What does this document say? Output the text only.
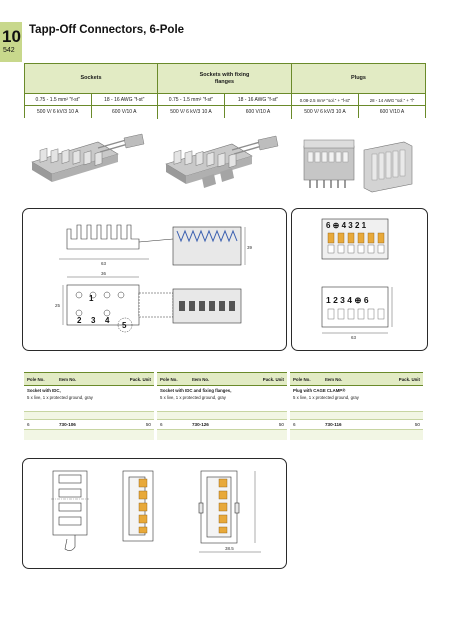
10
542
Tapp-Off Connectors, 6-Pole
Sockets
0.75 - 1.5 mm² "f-st"	18 - 16 AWG "f-st"
500 V/ 6 kV/3 10 A	600 V/10 A
Sockets with fixing flanges
0.75 - 1.5 mm² "f-st"	18 - 16 AWG "f-st"
500 V/ 6 kV/3 10 A	600 V/10 A
Plugs
0.08-2.5 mm² "sol." + "f-st"	28 - 14 AWG "sol." + "f"
500 V/ 6 kV/3 10 A	600 V/10 A
63
39
36
2 3 4
1
5
25
6 ⊕ 4 3 2 1
1 2 3 4 ⊕ 6
63
Pole No.	Item No.	Pack. Unit
Socket with IDC,
5 x live, 1 x protected ground, gray
6	730-106	50
Pole No.	Item No.	Pack. Unit
Socket with IDC and fixing flanges,
5 x live, 1 x protected ground, gray
6	730-126	50
Pole No.	Item No.	Pack. Unit
Plug with CAGE CLAMP®
5 x live, 1 x protected ground, gray
6	730-116	50
38.5
